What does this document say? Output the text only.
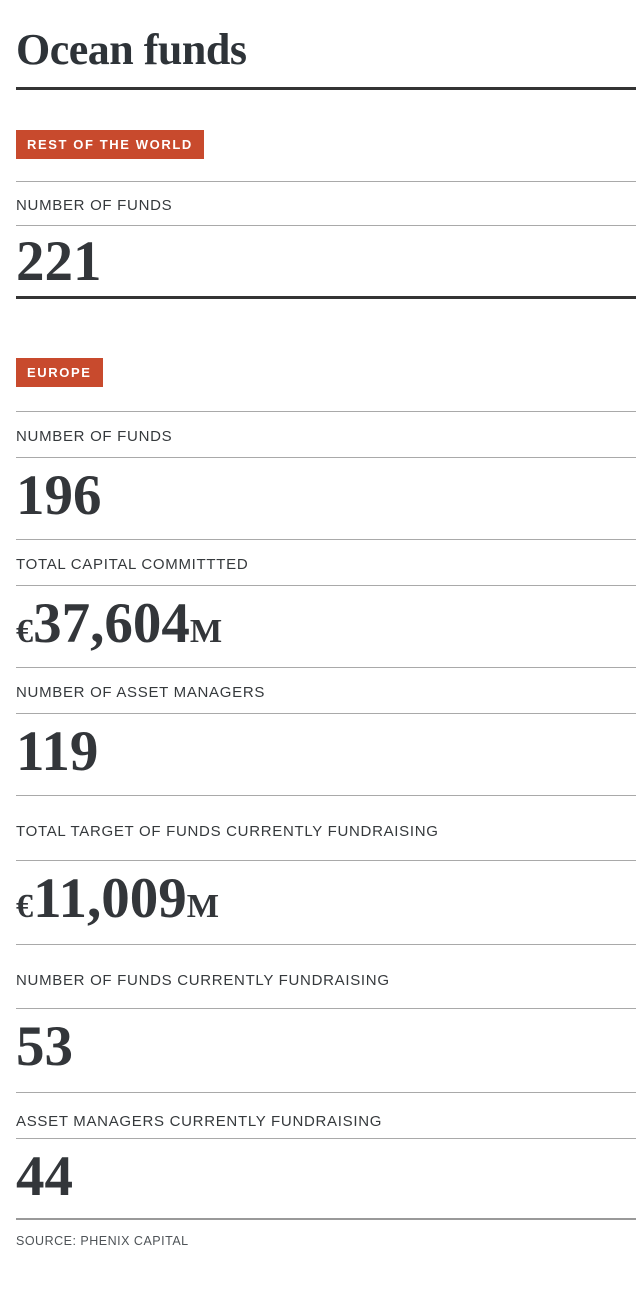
Ocean funds
REST OF THE WORLD
NUMBER OF FUNDS
221
EUROPE
NUMBER OF FUNDS
196
TOTAL CAPITAL COMMITTTED
€37,604M
NUMBER OF ASSET MANAGERS
119
TOTAL TARGET OF FUNDS CURRENTLY FUNDRAISING
€11,009M
NUMBER OF FUNDS CURRENTLY FUNDRAISING
53
ASSET MANAGERS CURRENTLY FUNDRAISING
44
SOURCE: PHENIX CAPITAL
